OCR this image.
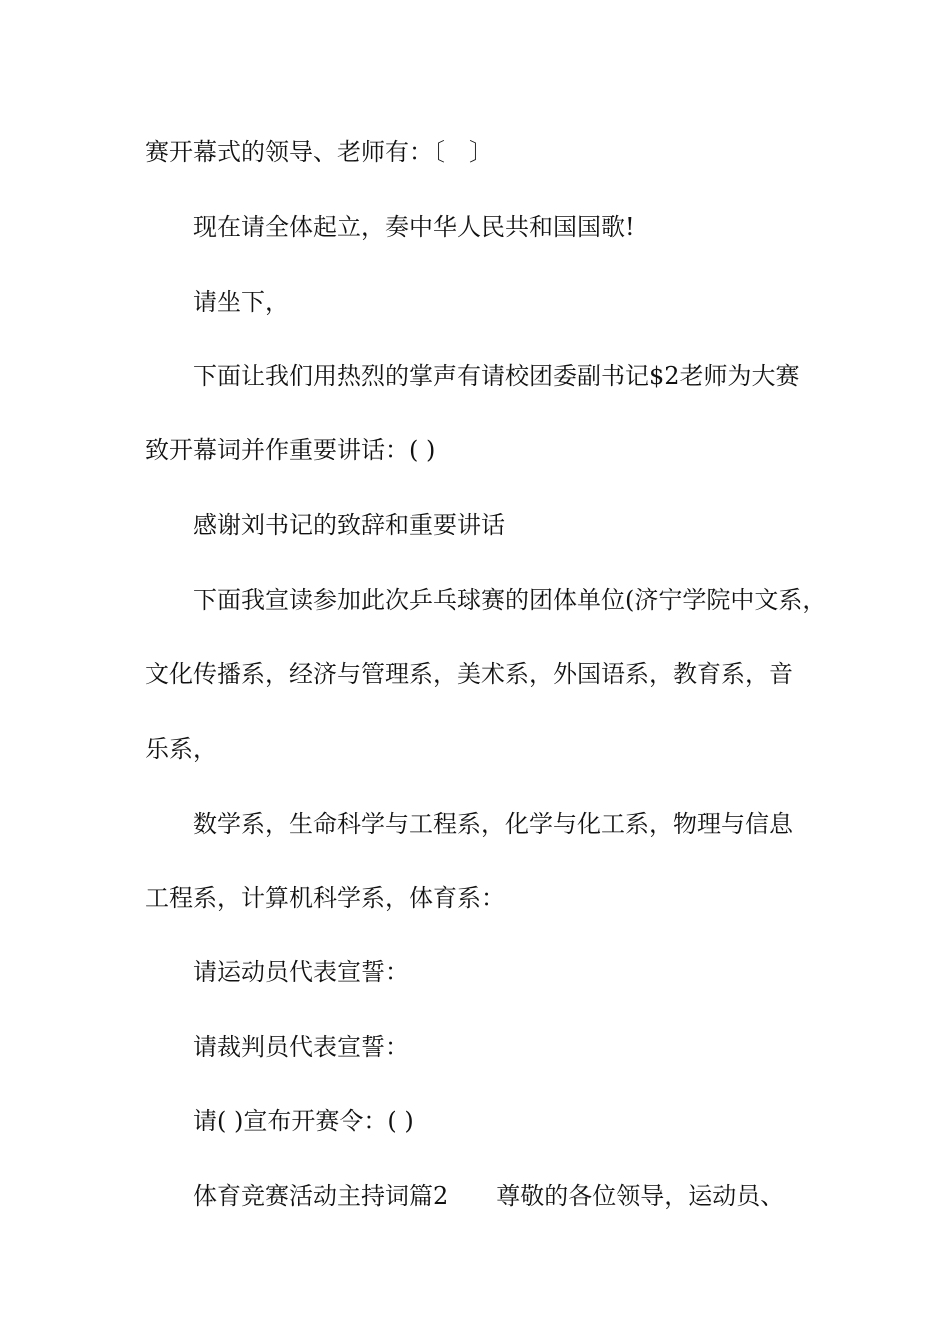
赛开幕式的领导、老师有：〔　〕
现在请全体起立，奏中华人民共和国国歌!
请坐下，
下面让我们用热烈的掌声有请校团委副书记$2老师为大赛
致开幕词并作重要讲话：( )
感谢刘书记的致辞和重要讲话
下面我宣读参加此次乒乓球赛的团体单位(济宁学院中文系，
文化传播系，经济与管理系，美术系，外国语系，教育系，音
乐系，
数学系，生命科学与工程系，化学与化工系，物理与信息
工程系，计算机科学系，体育系：
请运动员代表宣誓：
请裁判员代表宣誓：
请( )宣布开赛令：( )
体育竞赛活动主持词篇2　　尊敬的各位领导，运动员、
